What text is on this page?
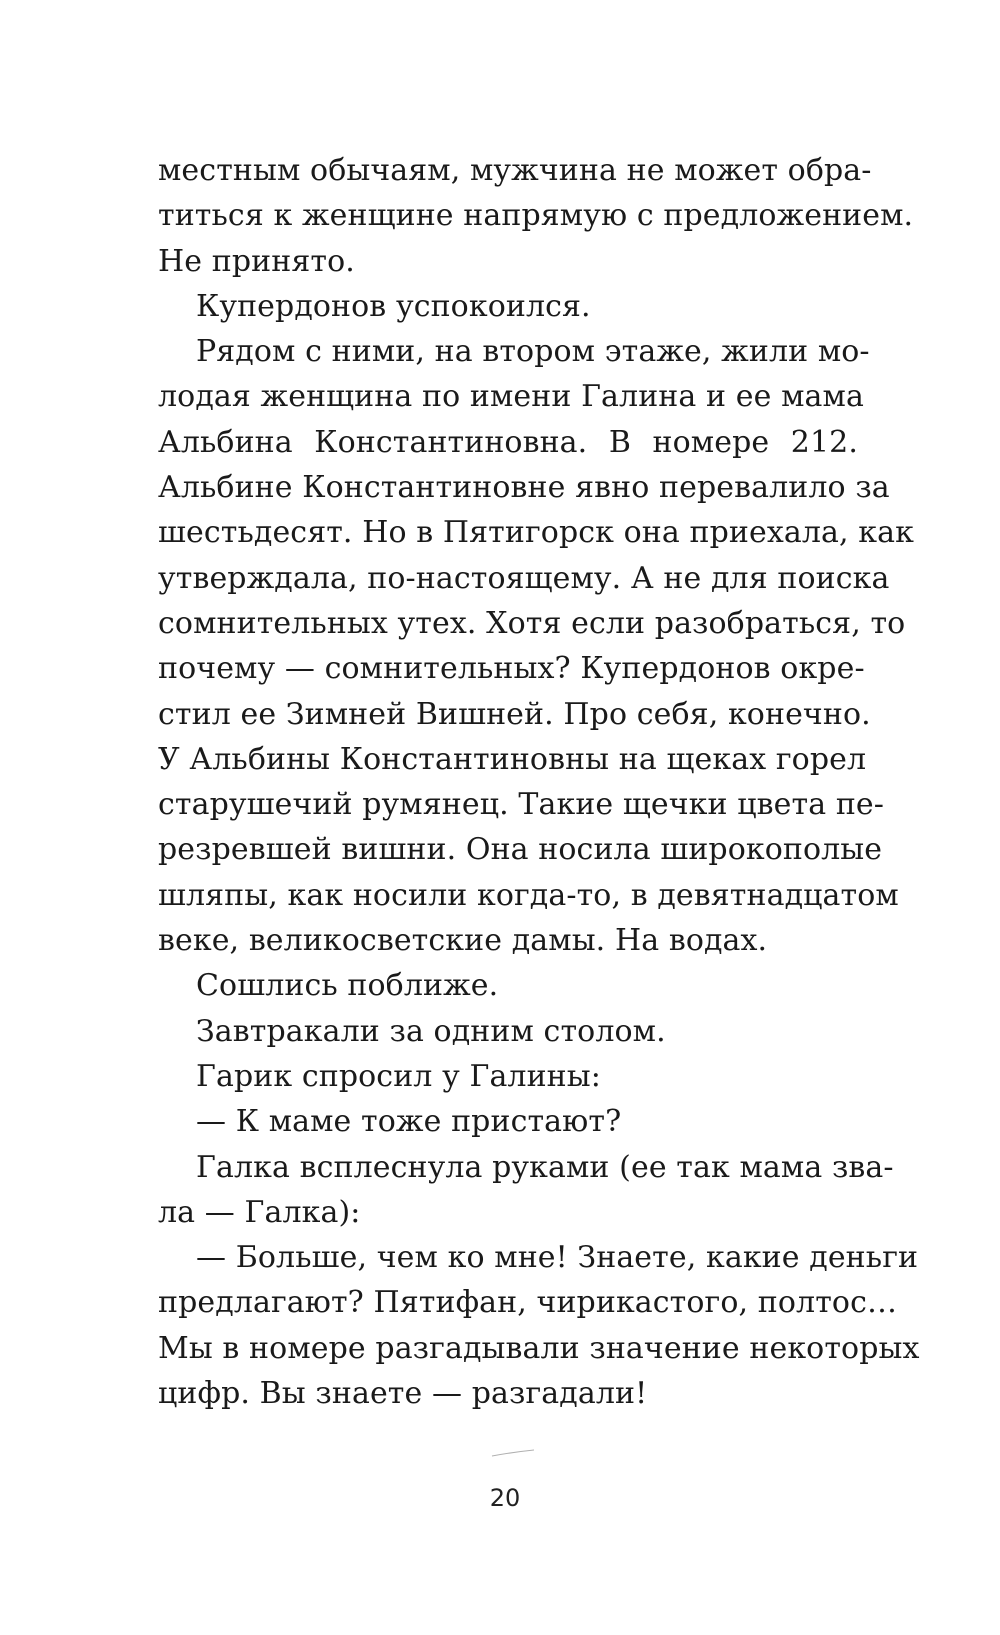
местным обычаям, мужчина не может обра-
титься к женщине напрямую с предложением.
Не принято.
Купердонов успокоился.
Рядом с ними, на втором этаже, жили мо-
лодая женщина по имени Галина и ее мама
Альбина Константиновна. В номере 212.
Альбине Константиновне явно перевалило за
шестьдесят. Но в Пятигорск она приехала, как
утверждала, по-настоящему. А не для поиска
сомнительных утех. Хотя если разобраться, то
почему — сомнительных? Купердонов окре-
стил ее Зимней Вишней. Про себя, конечно.
У Альбины Константиновны на щеках горел
старушечий румянец. Такие щечки цвета пе-
резревшей вишни. Она носила широкополые
шляпы, как носили когда-то, в девятнадцатом
веке, великосветские дамы. На водах.
Сошлись поближе.
Завтракали за одним столом.
Гарик спросил у Галины:
— К маме тоже пристают?
Галка всплеснула руками (ее так мама зва-
ла — Галка):
— Больше, чем ко мне! Знаете, какие деньги
предлагают? Пятифан, чирикастого, полтос…
Мы в номере разгадывали значение некоторых
цифр. Вы знаете — разгадали!
20
